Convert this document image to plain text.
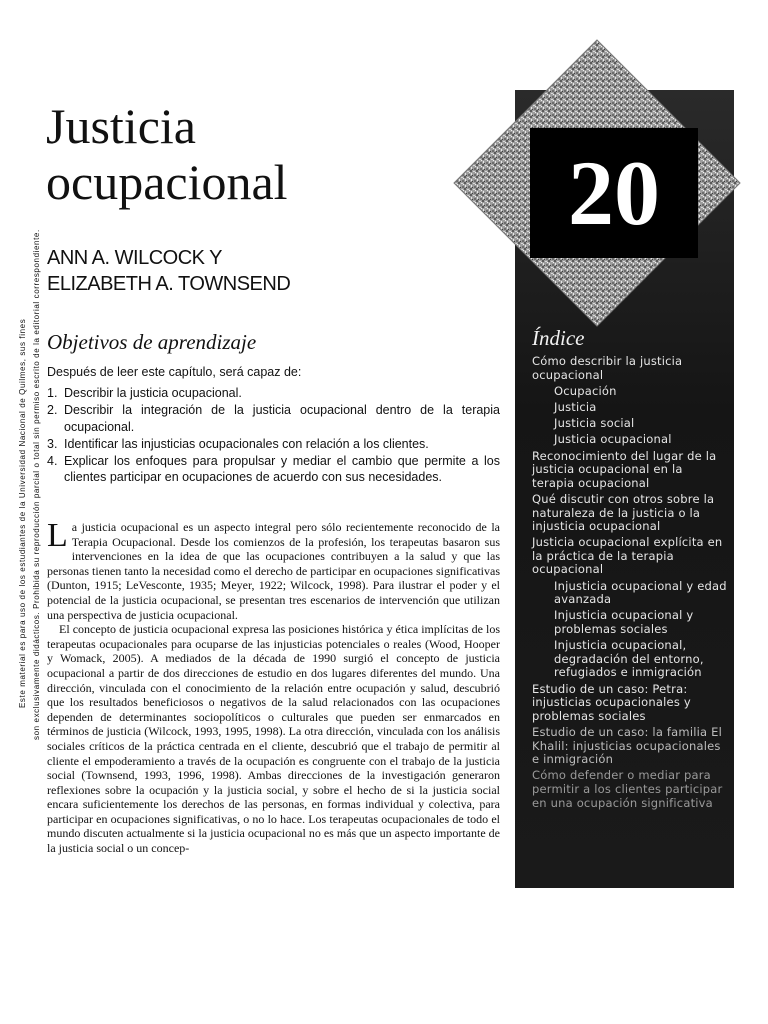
Este material es para uso de los estudiantes de la Universidad Nacional de Quilmes, sus fines son exclusivamente didácticos. Prohibida su reproducción parcial o total sin permiso escrito de la editorial correspondiente.
Justicia
ocupacional
ANN A. WILCOCK Y
ELIZABETH A. TOWNSEND
Objetivos de aprendizaje

Después de leer este capítulo, será capaz de:

1. Describir la justicia ocupacional.
2. Describir la integración de la justicia ocupacional dentro de la terapia ocupacional.
3. Identificar las injusticias ocupacionales con relación a los clientes.
4. Explicar los enfoques para propulsar y mediar el cambio que permite a los clientes participar en ocupaciones de acuerdo con sus necesidades.

La justicia ocupacional es un aspecto integral pero sólo recientemente reconocido de la Terapia Ocupacional. Desde los comienzos de la profesión, los terapeutas basaron sus intervenciones en la idea de que las ocupaciones contribuyen a la salud y que las personas tienen tanto la necesidad como el derecho de participar en ocupaciones significativas (Dunton, 1915; LeVesconte, 1935; Meyer, 1922; Wilcock, 1998). Para ilustrar el poder y el potencial de la justicia ocupacional, se presentan tres escenarios de intervención que utilizan una perspectiva de justicia ocupacional.

El concepto de justicia ocupacional expresa las posiciones histórica y ética implícitas de los terapeutas ocupacionales para ocuparse de las injusticias potenciales o reales (Wood, Hooper y Womack, 2005). A mediados de la década de 1990 surgió el concepto de justicia ocupacional a partir de dos direcciones de estudio en dos lugares diferentes del mundo. Una dirección, vinculada con el conocimiento de la relación entre ocupación y salud, descubrió que los resultados beneficiosos o negativos de la salud relacionados con las ocupaciones dependen de determinantes sociopolíticos o culturales que pueden ser enmarcados en términos de justicia (Wilcock, 1993, 1995, 1998). La otra dirección, vinculada con los análisis sociales críticos de la práctica centrada en el cliente, descubrió que el trabajo de permitir al cliente el empoderamiento a través de la ocupación es congruente con el trabajo de la justicia social (Townsend, 1993, 1996, 1998). Ambas direcciones de la investigación generaron reflexiones sobre la ocupación y la justicia social, y sobre el hecho de si la justicia social encara suficientemente los derechos de las personas, en formas individual y colectiva, para participar en ocupaciones significativas, o no lo hace. Los terapeutas ocupacionales de todo el mundo discuten actualmente si la justicia ocupacional no es más que un aspecto importante de la justicia social o un concep-

20
Índice
Cómo describir la justicia ocupacional
Ocupación
Justicia
Justicia social
Justicia ocupacional
Reconocimiento del lugar de la justicia ocupacional en la terapia ocupacional
Qué discutir con otros sobre la naturaleza de la justicia o la injusticia ocupacional
Justicia ocupacional explícita en la práctica de la terapia ocupacional
Injusticia ocupacional y edad avanzada
Injusticia ocupacional y problemas sociales
Injusticia ocupacional, degradación del entorno, refugiados e inmigración
Estudio de un caso: Petra: injusticias ocupacionales y problemas sociales
Estudio de un caso: la familia El Khalil: injusticias ocupacionales e inmigración
Cómo defender o mediar para permitir a los clientes participar en una ocupación significativa
